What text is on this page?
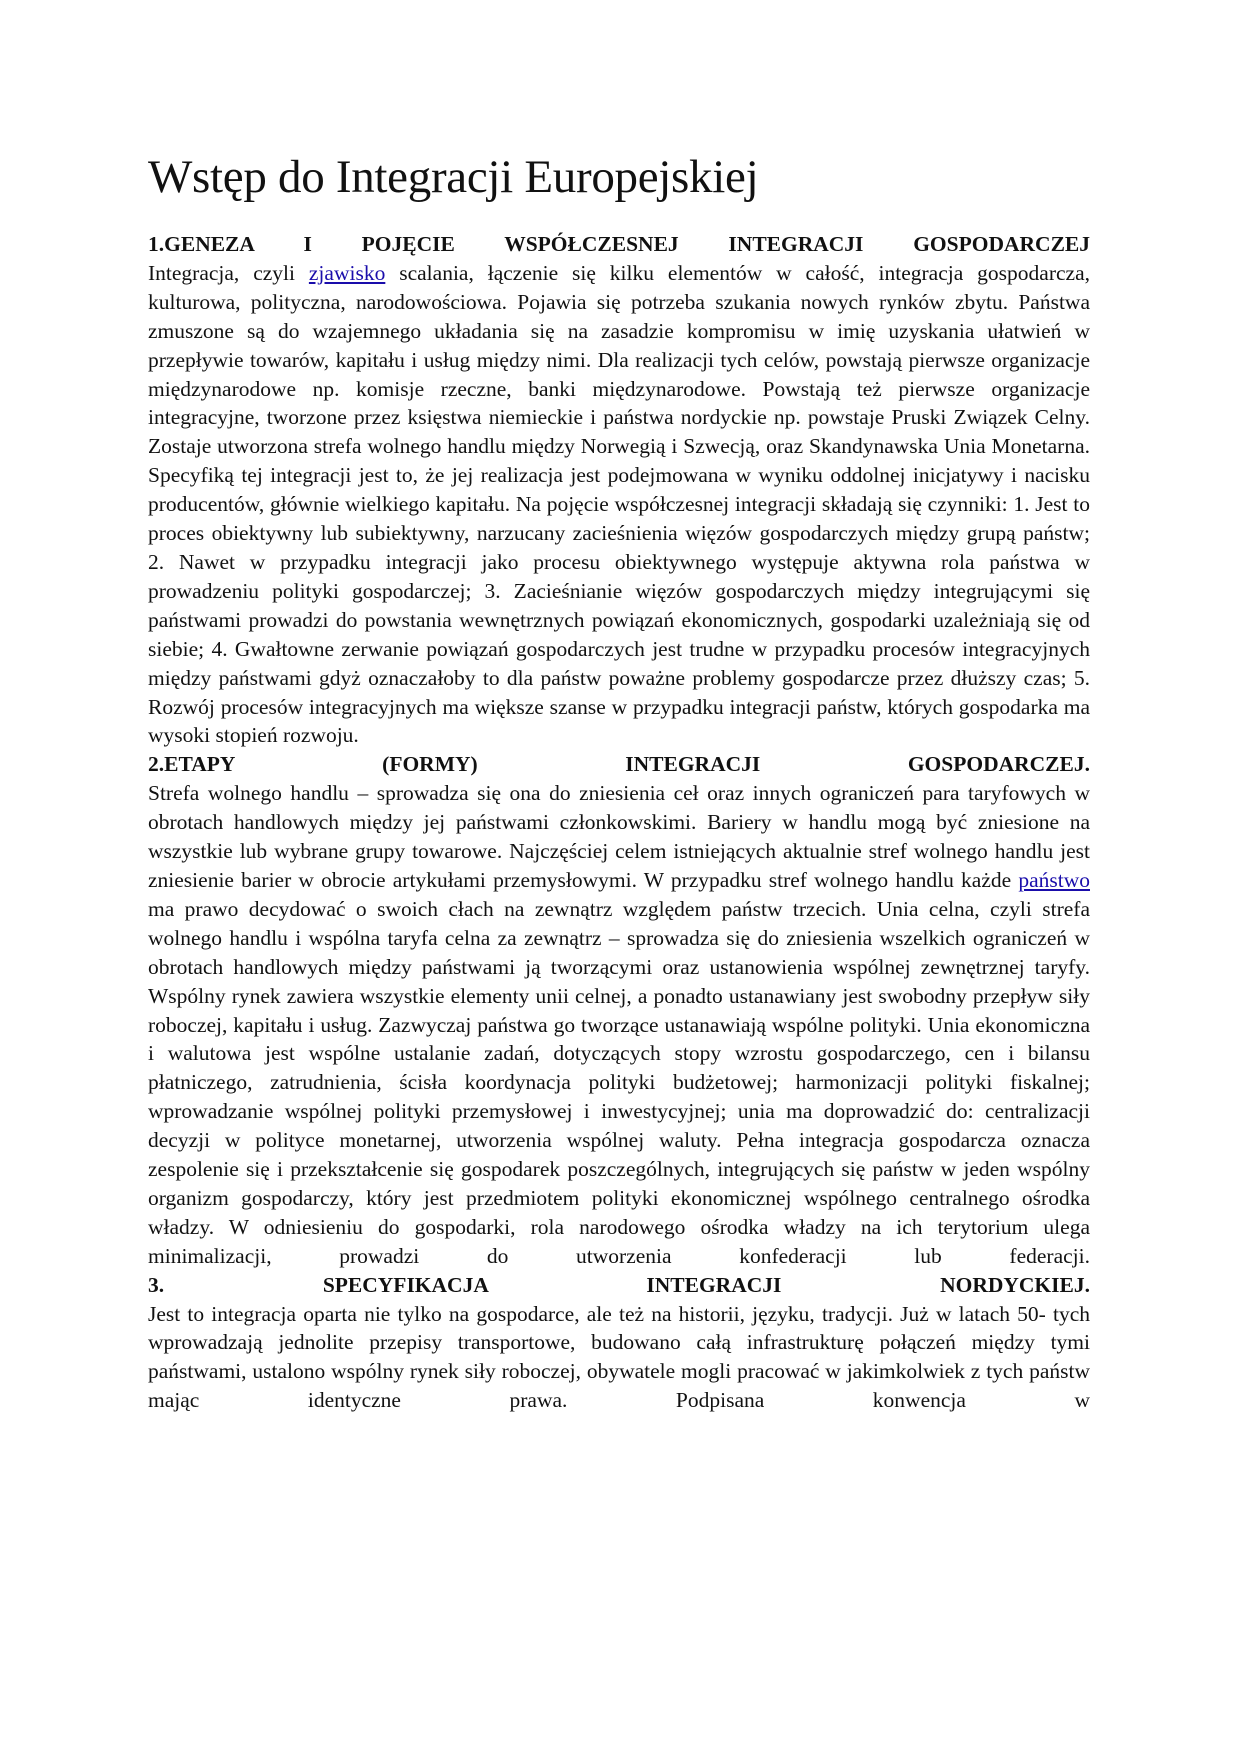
Wstęp do Integracji Europejskiej

1.GENEZA I POJĘCIE WSPÓŁCZESNEJ INTEGRACJI GOSPODARCZEJ

Integracja, czyli zjawisko scalania, łączenie się kilku elementów w całość, integracja gospodarcza, kulturowa, polityczna, narodowościowa. Pojawia się potrzeba szukania nowych rynków zbytu. Państwa zmuszone są do wzajemnego układania się na zasadzie kompromisu w imię uzyskania ułatwień w przepływie towarów, kapitału i usług między nimi. Dla realizacji tych celów, powstają pierwsze organizacje międzynarodowe np. komisje rzeczne, banki międzynarodowe. Powstają też pierwsze organizacje integracyjne, tworzone przez księstwa niemieckie i państwa nordyckie np. powstaje Pruski Związek Celny. Zostaje utworzona strefa wolnego handlu między Norwegią i Szwecją, oraz Skandynawska Unia Monetarna. Specyfiką tej integracji jest to, że jej realizacja jest podejmowana w wyniku oddolnej inicjatywy i nacisku producentów, głównie wielkiego kapitału. Na pojęcie współczesnej integracji składają się czynniki: 1. Jest to proces obiektywny lub subiektywny, narzucany zacieśnienia więzów gospodarczych między grupą państw; 2. Nawet w przypadku integracji jako procesu obiektywnego występuje aktywna rola państwa w prowadzeniu polityki gospodarczej; 3. Zacieśnianie więzów gospodarczych między integrującymi się państwami prowadzi do powstania wewnętrznych powiązań ekonomicznych, gospodarki uzależniają się od siebie; 4. Gwałtowne zerwanie powiązań gospodarczych jest trudne w przypadku procesów integracyjnych między państwami gdyż oznaczałoby to dla państw poważne problemy gospodarcze przez dłuższy czas; 5. Rozwój procesów integracyjnych ma większe szanse w przypadku integracji państw, których gospodarka ma wysoki stopień rozwoju.

2.ETAPY (FORMY) INTEGRACJI GOSPODARCZEJ.

Strefa wolnego handlu – sprowadza się ona do zniesienia ceł oraz innych ograniczeń para taryfowych w obrotach handlowych między jej państwami członkowskimi. Bariery w handlu mogą być zniesione na wszystkie lub wybrane grupy towarowe. Najczęściej celem istniejących aktualnie stref wolnego handlu jest zniesienie barier w obrocie artykułami przemysłowymi. W przypadku stref wolnego handlu każde państwo ma prawo decydować o swoich cłach na zewnątrz względem państw trzecich. Unia celna, czyli strefa wolnego handlu i wspólna taryfa celna za zewnątrz – sprowadza się do zniesienia wszelkich ograniczeń w obrotach handlowych między państwami ją tworzącymi oraz ustanowienia wspólnej zewnętrznej taryfy. Wspólny rynek zawiera wszystkie elementy unii celnej, a ponadto ustanawiany jest swobodny przepływ siły roboczej, kapitału i usług. Zazwyczaj państwa go tworzące ustanawiają wspólne polityki. Unia ekonomiczna i walutowa jest wspólne ustalanie zadań, dotyczących stopy wzrostu gospodarczego, cen i bilansu płatniczego, zatrudnienia, ścisła koordynacja polityki budżetowej; harmonizacji polityki fiskalnej; wprowadzanie wspólnej polityki przemysłowej i inwestycyjnej; unia ma doprowadzić do: centralizacji decyzji w polityce monetarnej, utworzenia wspólnej waluty. Pełna integracja gospodarcza oznacza zespolenie się i przekształcenie się gospodarek poszczególnych, integrujących się państw w jeden wspólny organizm gospodarczy, który jest przedmiotem polityki ekonomicznej wspólnego centralnego ośrodka władzy. W odniesieniu do gospodarki, rola narodowego ośrodka władzy na ich terytorium ulega minimalizacji, prowadzi do utworzenia konfederacji lub federacji.

3. SPECYFIKACJA INTEGRACJI NORDYCKIEJ.

Jest to integracja oparta nie tylko na gospodarce, ale też na historii, języku, tradycji. Już w latach 50- tych wprowadzają jednolite przepisy transportowe, budowano całą infrastrukturę połączeń między tymi państwami, ustalono wspólny rynek siły roboczej, obywatele mogli pracować w jakimkolwiek z tych państw mając identyczne prawa. Podpisana konwencja w
